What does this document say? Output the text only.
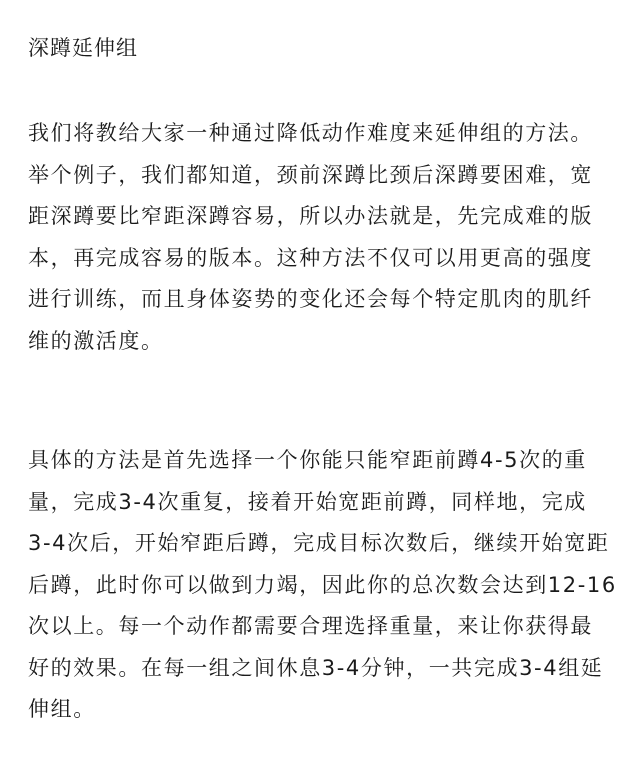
深蹲延伸组

我们将教给大家一种通过降低动作难度来延伸组的方法。
举个例子，我们都知道，颈前深蹲比颈后深蹲要困难，宽
距深蹲要比窄距深蹲容易，所以办法就是，先完成难的版
本，再完成容易的版本。这种方法不仅可以用更高的强度
进行训练，而且身体姿势的变化还会每个特定肌肉的肌纤
维的激活度。

具体的方法是首先选择一个你能只能窄距前蹲4-5次的重
量，完成3-4次重复，接着开始宽距前蹲，同样地，完成
3-4次后，开始窄距后蹲，完成目标次数后，继续开始宽距
后蹲，此时你可以做到力竭，因此你的总次数会达到12-16
次以上。每一个动作都需要合理选择重量，来让你获得最
好的效果。在每一组之间休息3-4分钟，一共完成3-4组延
伸组。
